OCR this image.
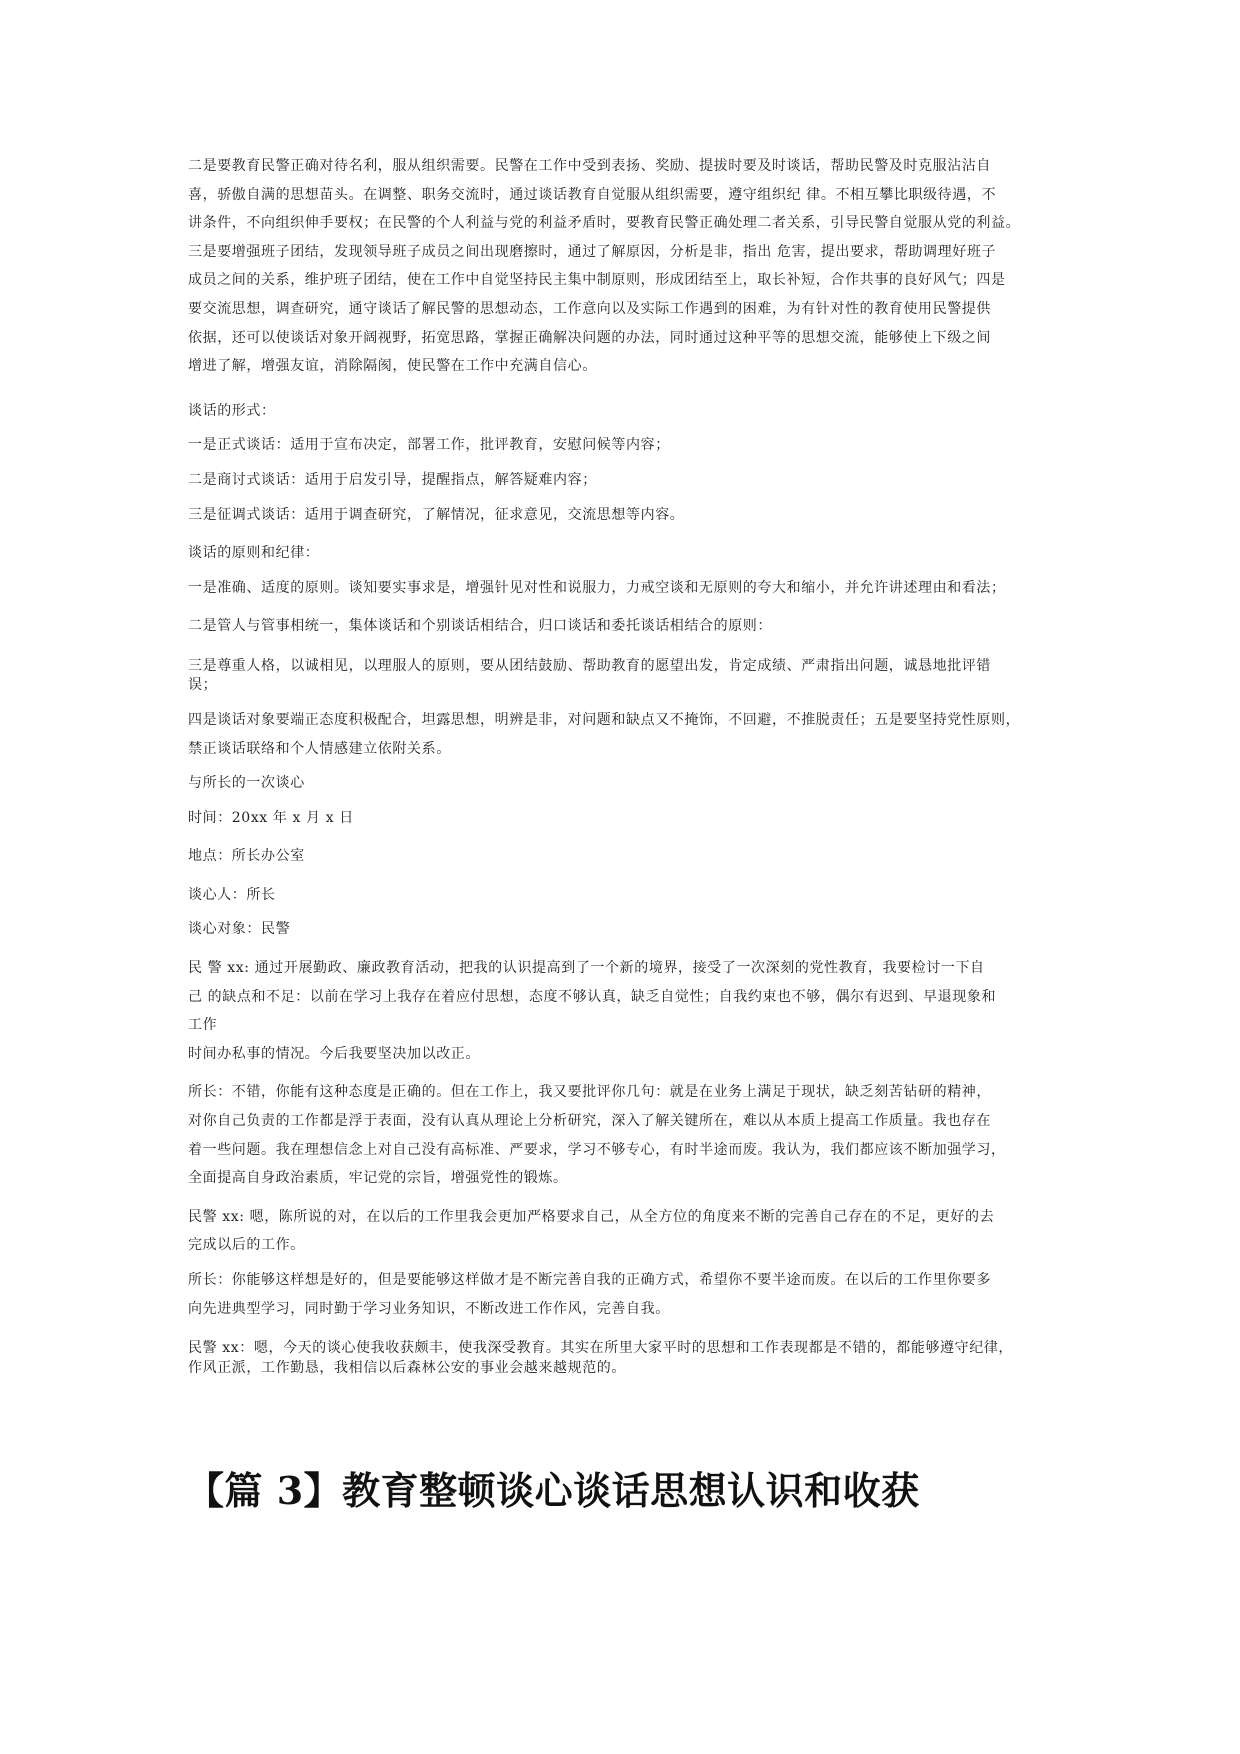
二是要教育民警正确对待名利，服从组织需要。民警在工作中受到表扬、奖励、提拔时要及时谈话，帮助民警及时克服沾沾自
喜，骄傲自满的思想苗头。在调整、职务交流时，通过谈话教育自觉服从组织需要，遵守组织纪 律。不相互攀比职级待遇，不
讲条件，不向组织伸手要权；在民警的个人利益与党的利益矛盾时，要教育民警正确处理二者关系，引导民警自觉服从党的利益。
三是要增强班子团结，发现领导班子成员之间出现磨擦时，通过了解原因，分析是非，指出 危害，提出要求，帮助调理好班子
成员之间的关系，维护班子团结，使在工作中自觉坚持民主集中制原则，形成团结至上，取长补短，合作共事的良好风气；四是
要交流思想，调查研究，通守谈话了解民警的思想动态，工作意向以及实际工作遇到的困难，为有针对性的教育使用民警提供
依据，还可以使谈话对象开阔视野，拓宽思路，掌握正确解决问题的办法，同时通过这种平等的思想交流，能够使上下级之间
增进了解，增强友谊，消除隔阂，使民警在工作中充满自信心。

谈话的形式：

一是正式谈话：适用于宣布决定，部署工作，批评教育，安慰问候等内容；

二是商讨式谈话：适用于启发引导，提醒指点，解答疑难内容；

三是征调式谈话：适用于调查研究，了解情况，征求意见，交流思想等内容。

谈话的原则和纪律：

一是准确、适度的原则。谈知要实事求是，增强针见对性和说服力，力戒空谈和无原则的夸大和缩小，并允许讲述理由和看法；

二是管人与管事相统一，集体谈话和个别谈话相结合，归口谈话和委托谈话相结合的原则：

三是尊重人格，以诚相见，以理服人的原则，要从团结鼓励、帮助教育的愿望出发，肯定成绩、严肃指出问题，诚恳地批评错
误；

四是谈话对象要端正态度积极配合，坦露思想，明辨是非，对问题和缺点又不掩饰，不回避，不推脱责任；五是要坚持党性原则，
禁正谈话联络和个人情感建立依附关系。

与所长的一次谈心

时间：20xx 年 x 月 x 日

地点：所长办公室

谈心人：所长

谈心对象：民警

民 警 xx: 通过开展勤政、廉政教育活动，把我的认识提高到了一个新的境界，接受了一次深刻的党性教育，我要检讨一下自
己 的缺点和不足：以前在学习上我存在着应付思想，态度不够认真，缺乏自觉性；自我约束也不够，偶尔有迟到、早退现象和
工作
时间办私事的情况。今后我要坚决加以改正。

所长：不错，你能有这种态度是正确的。但在工作上，我又要批评你几句：就是在业务上满足于现状，缺乏刻苦钻研的精神，
对你自己负责的工作都是浮于表面，没有认真从理论上分析研究，深入了解关键所在，难以从本质上提高工作质量。我也存在
着一些问题。我在理想信念上对自己没有高标准、严要求，学习不够专心，有时半途而废。我认为，我们都应该不断加强学习，
全面提高自身政治素质，牢记党的宗旨，增强党性的锻炼。

民警 xx: 嗯，陈所说的对，在以后的工作里我会更加严格要求自己，从全方位的角度来不断的完善自己存在的不足，更好的去
完成以后的工作。

所长：你能够这样想是好的，但是要能够这样做才是不断完善自我的正确方式，希望你不要半途而废。在以后的工作里你要多
向先进典型学习，同时勤于学习业务知识，不断改进工作作风，完善自我。

民警 xx：嗯，今天的谈心使我收获颇丰，使我深受教育。其实在所里大家平时的思想和工作表现都是不错的，都能够遵守纪律，
作风正派，工作勤恳，我相信以后森林公安的事业会越来越规范的。

【篇 3】教育整顿谈心谈话思想认识和收获
